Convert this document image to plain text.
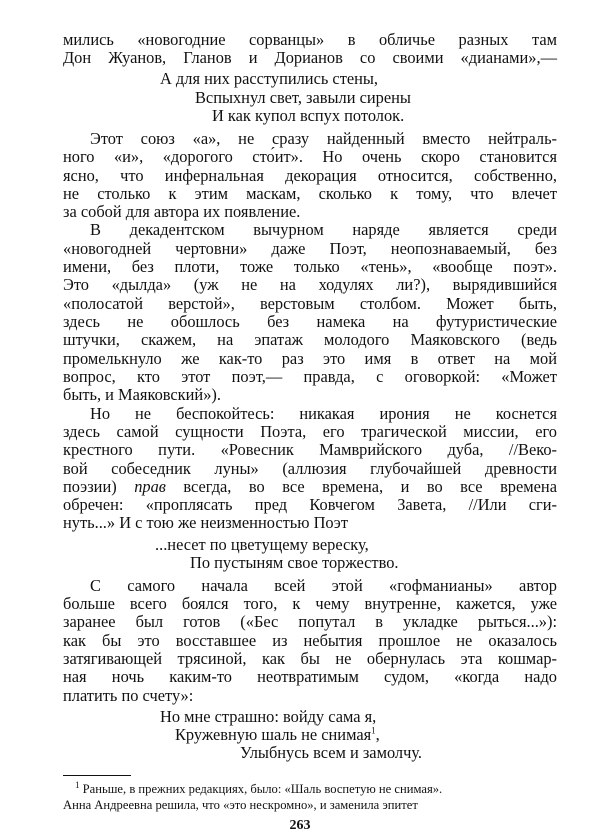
мились «новогодние сорванцы» в обличье разных там
Дон Жуанов, Гланов и Дорианов со своими «дианами»,—
А для них расступились стены,
Вспыхнул свет, завыли сирены
И как купол вспух потолок.
Этот союз «а», не сразу найденный вместо нейтраль-
ного «и», «дорогого сто́ит». Но очень скоро становится
ясно, что инфернальная декорация относится, собственно,
не столько к этим маскам, сколько к тому, что влечет
за собой для автора их появление.
В декадентском вычурном наряде является среди
«новогодней чертовни» даже Поэт, неопознаваемый, без
имени, без плоти, тоже только «тень», «вообще поэт».
Это «дылда» (уж не на ходулях ли?), вырядившийся
«полосатой верстой», верстовым столбом. Может быть,
здесь не обошлось без намека на футуристические
штучки, скажем, на эпатаж молодого Маяковского (ведь
промелькнуло же как-то раз это имя в ответ на мой
вопрос, кто этот поэт,— правда, с оговоркой: «Может
быть, и Маяковский»).
Но не беспокойтесь: никакая ирония не коснется
здесь самой сущности Поэта, его трагической миссии, его
крестного пути. «Ровесник Мамврийского дуба, //Веко-
вой собеседник луны» (аллюзия глубочайшей древности
поэзии) прав всегда, во все времена, и во все времена
обречен: «проплясать пред Ковчегом Завета, //Или сги-
нуть...» И с тою же неизменностью Поэт
...несет по цветущему вереску,
По пустыням свое торжество.
С самого начала всей этой «гофманианы» автор
больше всего боялся того, к чему внутренне, кажется, уже
заранее был готов («Бес попутал в укладке рыться...»):
как бы это восставшее из небытия прошлое не оказалось
затягивающей трясиной, как бы не обернулась эта кошмар-
ная ночь каким-то неотвратимым судом, «когда надо
платить по счету»:
Но мне страшно: войду сама я,
Кружевную шаль не снимая$^1$,
Улыбнусь всем и замолчу.
$^1$ Раньше, в прежних редакциях, было: «Шаль воспетую не снимая».
Анна Андреевна решила, что «это нескромно», и заменила эпитет
263
